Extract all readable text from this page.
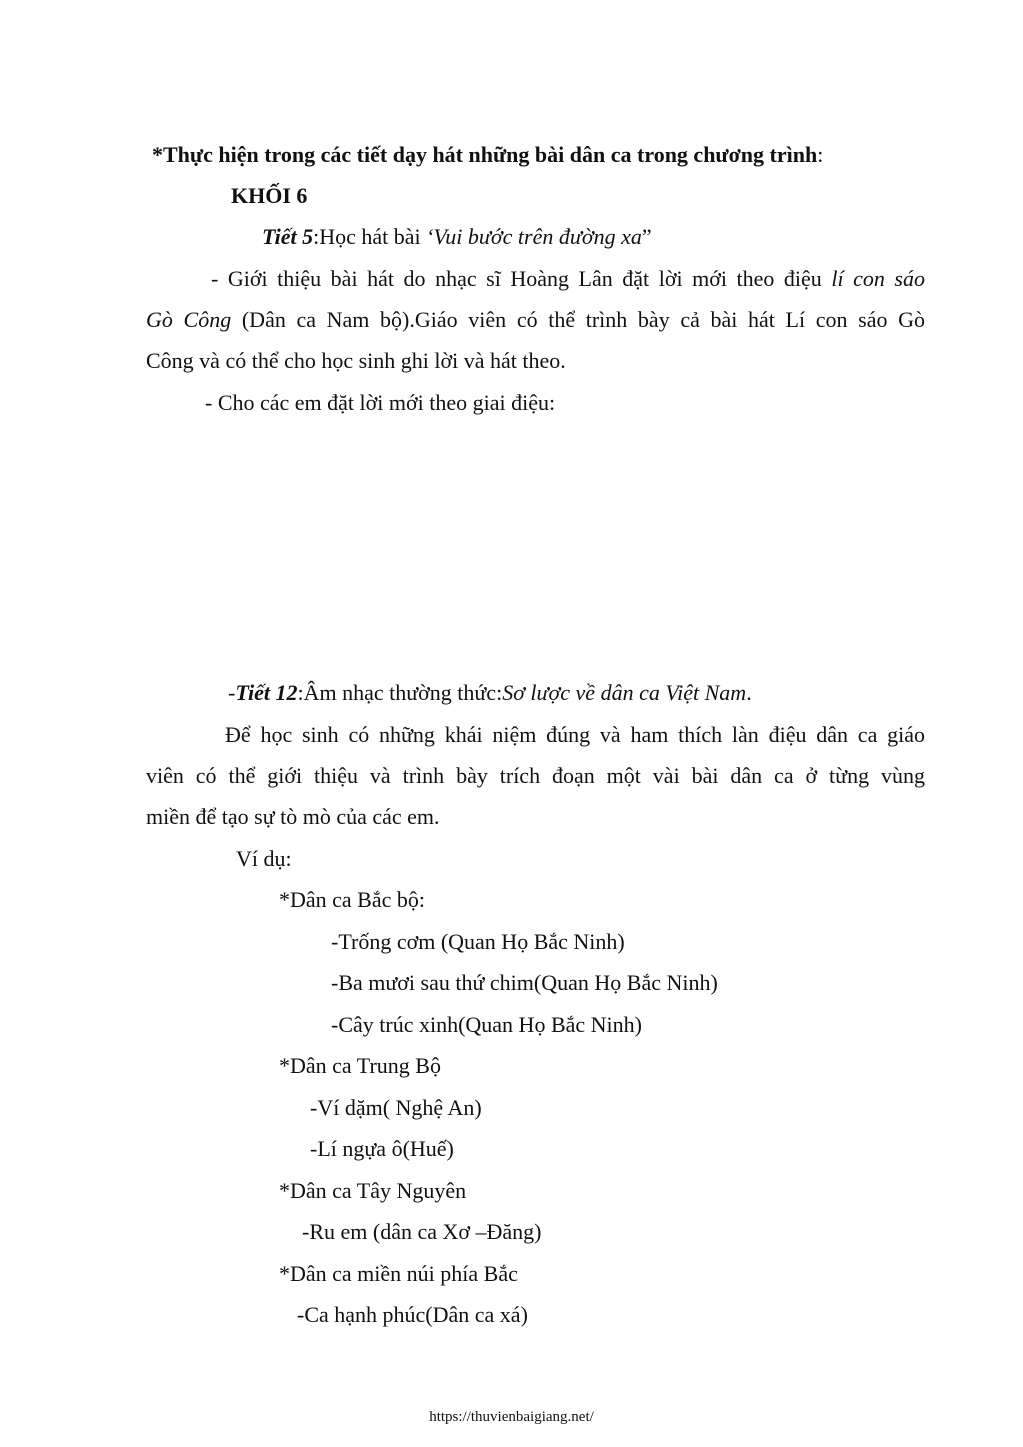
*Thực hiện trong các tiết dạy hát những bài dân ca trong chương trình:
KHỐI 6
Tiết 5:Học hát bài ‘Vui bước trên đường xa”
- Giới thiệu bài hát do nhạc sĩ Hoàng Lân đặt lời mới theo điệu lí con sáo
Gò Công (Dân ca Nam bộ).Giáo viên có thể trình bày cả bài hát Lí con sáo Gò
Công và có thể cho học sinh ghi lời và hát theo.
- Cho các em đặt lời mới theo giai điệu:
-Tiết 12:Âm nhạc thường thức:Sơ lược về dân ca Việt Nam.
Để học sinh có những khái niệm đúng và ham thích làn điệu dân ca giáo
viên có thể giới thiệu và trình bày trích đoạn một vài bài dân ca ở từng vùng
miền để tạo sự tò mò của các em.
Ví dụ:
*Dân ca Bắc bộ:
-Trống cơm (Quan Họ Bắc Ninh)
-Ba mươi sau thứ chim(Quan Họ Bắc Ninh)
-Cây trúc xinh(Quan Họ Bắc Ninh)
*Dân ca Trung Bộ
-Ví dặm( Nghệ An)
-Lí ngựa ô(Huế)
*Dân ca Tây Nguyên
-Ru em (dân ca Xơ –Đăng)
*Dân ca miền núi phía Bắc
-Ca hạnh phúc(Dân ca xá)
https://thuvienbaigiang.net/
